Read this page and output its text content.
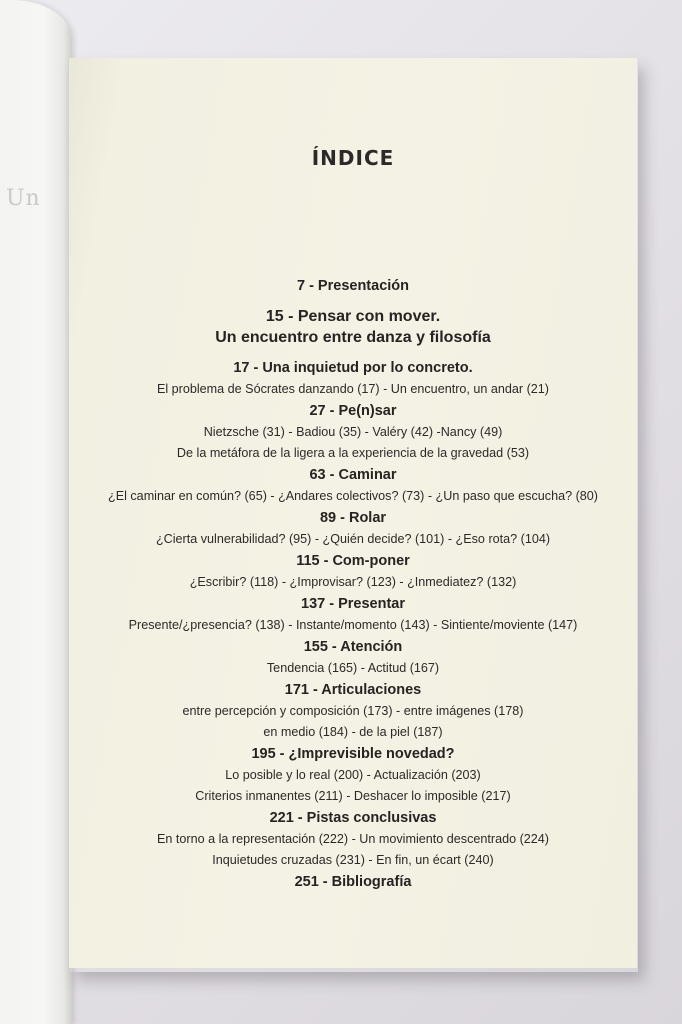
Un
ÍNDICE
7 - Presentación
15 - Pensar con mover.
Un encuentro entre danza y filosofía
17 - Una inquietud por lo concreto.
El problema de Sócrates danzando (17) - Un encuentro, un andar (21)
27 - Pe(n)sar
Nietzsche (31) - Badiou (35) - Valéry (42) -Nancy (49)
De la metáfora de la ligera a la experiencia de la gravedad (53)
63 - Caminar
¿El caminar en común? (65) - ¿Andares colectivos? (73) - ¿Un paso que escucha? (80)
89 - Rolar
¿Cierta vulnerabilidad? (95) - ¿Quién decide? (101) - ¿Eso rota? (104)
115 - Com-poner
¿Escribir? (118) - ¿Improvisar? (123) - ¿Inmediatez? (132)
137 - Presentar
Presente/¿presencia? (138) - Instante/momento (143) - Sintiente/moviente (147)
155 - Atención
Tendencia (165) - Actitud (167)
171 - Articulaciones
entre percepción y composición (173) - entre imágenes (178)
en medio (184) - de la piel (187)
195 - ¿Imprevisible novedad?
Lo posible y lo real (200) - Actualización (203)
Criterios inmanentes (211) - Deshacer lo imposible (217)
221 - Pistas conclusivas
En torno a la representación (222) - Un movimiento descentrado (224)
Inquietudes cruzadas (231) - En fin, un écart (240)
251 - Bibliografía
